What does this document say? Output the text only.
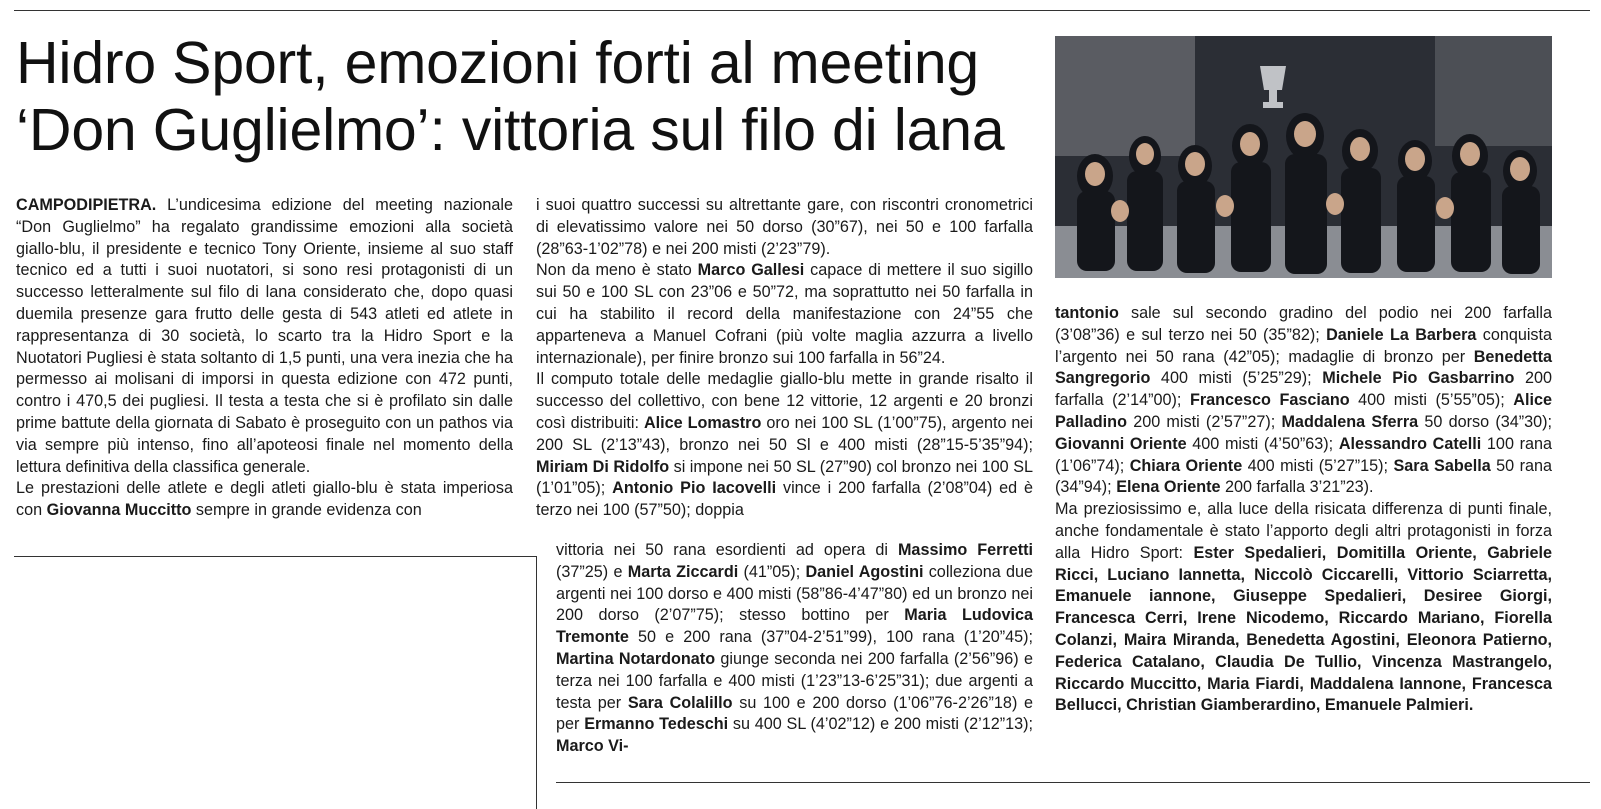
Hidro Sport, emozioni forti al meeting
‘Don Guglielmo’: vittoria sul filo di lana

CAMPODIPIETRA. L’undicesima edizione del meeting nazionale “Don Guglielmo” ha regalato grandissime emozioni alla società giallo-blu, il presidente e tecnico Tony Oriente, insieme al suo staff tecnico ed a tutti i suoi nuotatori, si sono resi protagonisti di un successo letteralmente sul filo di lana considerato che, dopo quasi duemila presenze gara frutto delle gesta di 543 atleti ed atlete in rappresentanza di 30 società, lo scarto tra la Hidro Sport e la Nuotatori Pugliesi è stata soltanto di 1,5 punti, una vera inezia che ha permesso ai molisani di imporsi in questa edizione con 472 punti, contro i 470,5 dei pugliesi. Il testa a testa che si è profilato sin dalle prime battute della giornata di Sabato è proseguito con un pathos via via sempre più intenso, fino all’apoteosi finale nel momento della lettura definitiva della classifica generale.
Le prestazioni delle atlete e degli atleti giallo-blu è stata imperiosa con Giovanna Muccitto sempre in grande evidenza con

i suoi quattro successi su altrettante gare, con riscontri cronometrici di elevatissimo valore nei 50 dorso (30”67), nei 50 e 100 farfalla (28”63-1’02”78) e nei 200 misti (2’23”79).
Non da meno è stato Marco Gallesi capace di mettere il suo sigillo sui 50 e 100 SL con 23”06 e 50”72, ma soprattutto nei 50 farfalla in cui ha stabilito il record della manifestazione con 24”55 che apparteneva a Manuel Cofrani (più volte maglia azzurra a livello internazionale), per finire bronzo sui 100 farfalla in 56”24.
Il computo totale delle medaglie giallo-blu mette in grande risalto il successo del collettivo, con bene 12 vittorie, 12 argenti e 20 bronzi così distribuiti: Alice Lomastro oro nei 100 SL (1’00”75), argento nei 200 SL (2’13”43), bronzo nei 50 Sl e 400 misti (28”15-5’35”94); Miriam Di Ridolfo si impone nei 50 SL (27”90) col bronzo nei 100 SL (1’01”05); Antonio Pio Iacovelli vince i 200 farfalla (2’08”04) ed è terzo nei 100 (57”50); doppia

vittoria nei 50 rana esordienti ad opera di Massimo Ferretti (37”25) e Marta Ziccardi (41”05); Daniel Agostini colleziona due argenti nei 100 dorso e 400 misti (58”86-4’47”80) ed un bronzo nei 200 dorso (2’07”75); stesso bottino per Maria Ludovica Tremonte 50 e 200 rana (37”04-2’51”99), 100 rana (1’20”45); Martina Notardonato giunge seconda nei 200 farfalla (2’56”96) e terza nei 100 farfalla e 400 misti (1’23”13-6’25”31); due argenti a testa per Sara Colalillo su 100 e 200 dorso (1’06”76-2’26”18) e per Ermanno Tedeschi su 400 SL (4’02”12) e 200 misti (2’12”13); Marco Vi-

tantonio sale sul secondo gradino del podio nei 200 farfalla (3’08”36) e sul terzo nei 50 (35”82); Daniele La Barbera conquista l’argento nei 50 rana (42”05); madaglie di bronzo per Benedetta Sangregorio 400 misti (5’25”29); Michele Pio Gasbarrino 200 farfalla (2’14”00); Francesco Fasciano 400 misti (5’55”05); Alice Palladino 200 misti (2’57”27); Maddalena Sferra 50 dorso (34”30); Giovanni Oriente 400 misti (4’50”63); Alessandro Catelli 100 rana (1’06”74); Chiara Oriente 400 misti (5’27”15); Sara Sabella 50 rana (34”94); Elena Oriente 200 farfalla 3’21”23).
Ma preziosissimo e, alla luce della risicata differenza di punti finale, anche fondamentale è stato l’apporto degli altri protagonisti in forza alla Hidro Sport: Ester Spedalieri, Domitilla Oriente, Gabriele Ricci, Luciano Iannetta, Niccolò Ciccarelli, Vittorio Sciarretta, Emanuele iannone, Giuseppe Spedalieri, Desiree Giorgi, Francesca Cerri, Irene Nicodemo, Riccardo Mariano, Fiorella Colanzi, Maira Miranda, Benedetta Agostini, Eleonora Patierno, Federica Catalano, Claudia De Tullio, Vincenza Mastrangelo, Riccardo Muccitto, Maria Fiardi, Maddalena Iannone, Francesca Bellucci, Christian Giamberardino, Emanuele Palmieri.
